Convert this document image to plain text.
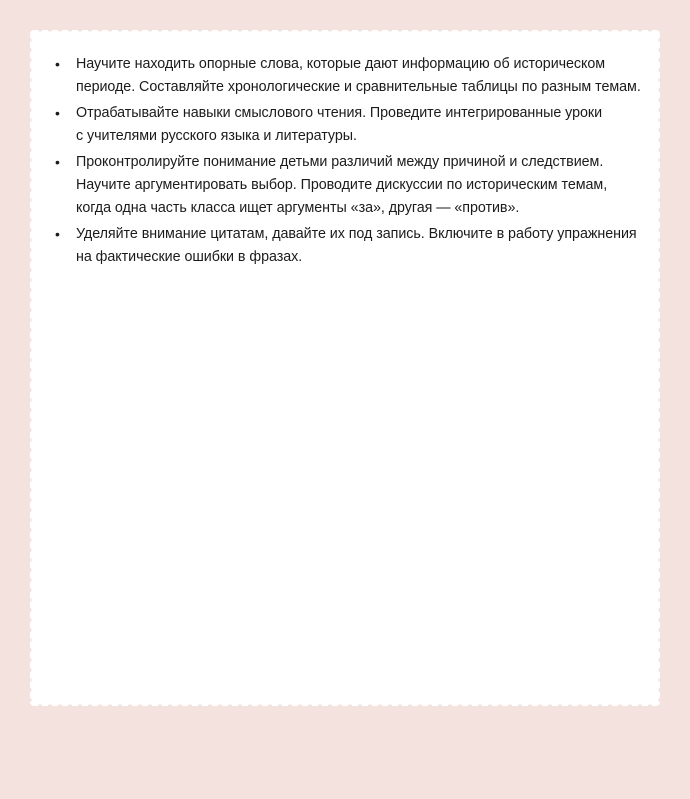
• Научите находить опорные слова, которые дают информацию об историческом
периоде. Составляйте хронологические и сравнительные таблицы по разным темам.
• Отрабатывайте навыки смыслового чтения. Проведите интегрированные уроки
с учителями русского языка и литературы.
• Проконтролируйте понимание детьми различий между причиной и следствием.
Научите аргументировать выбор. Проводите дискуссии по историческим темам,
когда одна часть класса ищет аргументы «за», другая — «против».
• Уделяйте внимание цитатам, давайте их под запись. Включите в работу упражнения
на фактические ошибки в фразах.
